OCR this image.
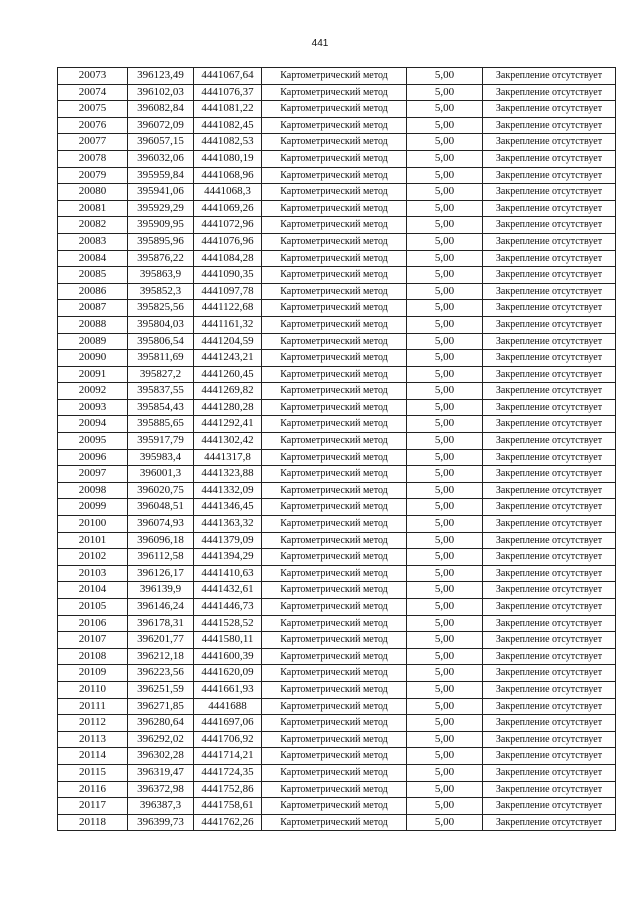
441
20073	396123,49	4441067,64	Картометрический метод	5,00	Закрепление отсутствует
20074	396102,03	4441076,37	Картометрический метод	5,00	Закрепление отсутствует
20075	396082,84	4441081,22	Картометрический метод	5,00	Закрепление отсутствует
20076	396072,09	4441082,45	Картометрический метод	5,00	Закрепление отсутствует
20077	396057,15	4441082,53	Картометрический метод	5,00	Закрепление отсутствует
20078	396032,06	4441080,19	Картометрический метод	5,00	Закрепление отсутствует
20079	395959,84	4441068,96	Картометрический метод	5,00	Закрепление отсутствует
20080	395941,06	4441068,3	Картометрический метод	5,00	Закрепление отсутствует
20081	395929,29	4441069,26	Картометрический метод	5,00	Закрепление отсутствует
20082	395909,95	4441072,96	Картометрический метод	5,00	Закрепление отсутствует
20083	395895,96	4441076,96	Картометрический метод	5,00	Закрепление отсутствует
20084	395876,22	4441084,28	Картометрический метод	5,00	Закрепление отсутствует
20085	395863,9	4441090,35	Картометрический метод	5,00	Закрепление отсутствует
20086	395852,3	4441097,78	Картометрический метод	5,00	Закрепление отсутствует
20087	395825,56	4441122,68	Картометрический метод	5,00	Закрепление отсутствует
20088	395804,03	4441161,32	Картометрический метод	5,00	Закрепление отсутствует
20089	395806,54	4441204,59	Картометрический метод	5,00	Закрепление отсутствует
20090	395811,69	4441243,21	Картометрический метод	5,00	Закрепление отсутствует
20091	395827,2	4441260,45	Картометрический метод	5,00	Закрепление отсутствует
20092	395837,55	4441269,82	Картометрический метод	5,00	Закрепление отсутствует
20093	395854,43	4441280,28	Картометрический метод	5,00	Закрепление отсутствует
20094	395885,65	4441292,41	Картометрический метод	5,00	Закрепление отсутствует
20095	395917,79	4441302,42	Картометрический метод	5,00	Закрепление отсутствует
20096	395983,4	4441317,8	Картометрический метод	5,00	Закрепление отсутствует
20097	396001,3	4441323,88	Картометрический метод	5,00	Закрепление отсутствует
20098	396020,75	4441332,09	Картометрический метод	5,00	Закрепление отсутствует
20099	396048,51	4441346,45	Картометрический метод	5,00	Закрепление отсутствует
20100	396074,93	4441363,32	Картометрический метод	5,00	Закрепление отсутствует
20101	396096,18	4441379,09	Картометрический метод	5,00	Закрепление отсутствует
20102	396112,58	4441394,29	Картометрический метод	5,00	Закрепление отсутствует
20103	396126,17	4441410,63	Картометрический метод	5,00	Закрепление отсутствует
20104	396139,9	4441432,61	Картометрический метод	5,00	Закрепление отсутствует
20105	396146,24	4441446,73	Картометрический метод	5,00	Закрепление отсутствует
20106	396178,31	4441528,52	Картометрический метод	5,00	Закрепление отсутствует
20107	396201,77	4441580,11	Картометрический метод	5,00	Закрепление отсутствует
20108	396212,18	4441600,39	Картометрический метод	5,00	Закрепление отсутствует
20109	396223,56	4441620,09	Картометрический метод	5,00	Закрепление отсутствует
20110	396251,59	4441661,93	Картометрический метод	5,00	Закрепление отсутствует
20111	396271,85	4441688	Картометрический метод	5,00	Закрепление отсутствует
20112	396280,64	4441697,06	Картометрический метод	5,00	Закрепление отсутствует
20113	396292,02	4441706,92	Картометрический метод	5,00	Закрепление отсутствует
20114	396302,28	4441714,21	Картометрический метод	5,00	Закрепление отсутствует
20115	396319,47	4441724,35	Картометрический метод	5,00	Закрепление отсутствует
20116	396372,98	4441752,86	Картометрический метод	5,00	Закрепление отсутствует
20117	396387,3	4441758,61	Картометрический метод	5,00	Закрепление отсутствует
20118	396399,73	4441762,26	Картометрический метод	5,00	Закрепление отсутствует
